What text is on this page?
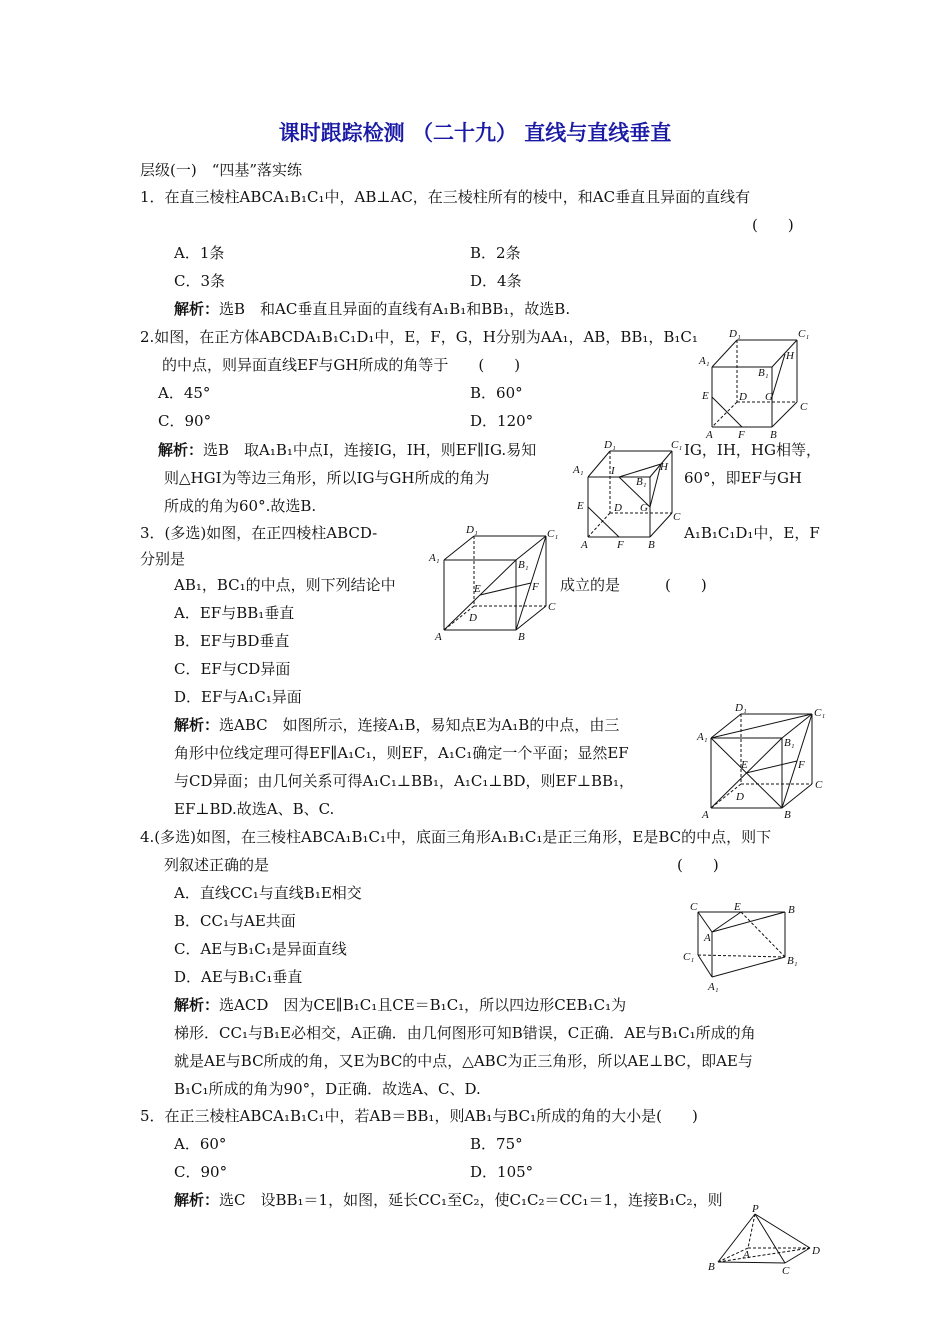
课时跟踪检测 （二十九） 直线与直线垂直
层级(一)　“四基”落实练
1．在直三棱柱ABCA₁B₁C₁中，AB⊥AC，在三棱柱所有的棱中，和AC垂直且异面的直线有
(　　)
A．1条	B．2条
C．3条	D．4条
解析：选B　和AC垂直且异面的直线有A₁B₁和BB₁，故选B.
2.如图，在正方体ABCDA₁B₁C₁D₁中，E，F，G，H分别为AA₁，AB，BB₁，B₁C₁
的中点，则异面直线EF与GH所成的角等于　　(　　)
A．45°	B．60°
C．90°	D．120°
解析：选B　取A₁B₁中点I，连接IG，IH，则EF∥IG.易知	IG，IH，HG相等，
则△HGI为等边三角形，所以IG与GH所成的角为	60°，即EF与GH
所成的角为60°.故选B.
3．(多选)如图，在正四棱柱ABCD-	A₁B₁C₁D₁中，E，F
分别是
AB₁，BC₁的中点，则下列结论中	成立的是　　　(　　)
A．EF与BB₁垂直
B．EF与BD垂直
C．EF与CD异面
D．EF与A₁C₁异面
解析：选ABC　如图所示，连接A₁B，易知点E为A₁B的中点，由三
角形中位线定理可得EF∥A₁C₁，则EF，A₁C₁确定一个平面；显然EF
与CD异面；由几何关系可得A₁C₁⊥BB₁，A₁C₁⊥BD，则EF⊥BB₁，
EF⊥BD.故选A、B、C.
4.(多选)如图，在三棱柱ABCA₁B₁C₁中，底面三角形A₁B₁C₁是正三角形，E是BC的中点，则下
列叙述正确的是	(　　)
A．直线CC₁与直线B₁E相交
B．CC₁与AE共面
C．AE与B₁C₁是异面直线
D．AE与B₁C₁垂直
解析：选ACD　因为CE∥B₁C₁且CE＝B₁C₁，所以四边形CEB₁C₁为
梯形．CC₁与B₁E必相交，A正确．由几何图形可知B错误，C正确．AE与B₁C₁所成的角
就是AE与BC所成的角，又E为BC的中点，△ABC为正三角形，所以AE⊥BC，即AE与
B₁C₁所成的角为90°，D正确．故选A、C、D.
5．在正三棱柱ABCA₁B₁C₁中，若AB＝BB₁，则AB₁与BC₁所成的角的大小是(　　)
A．60°	B．75°
C．90°	D．105°
解析：选C　设BB₁＝1，如图，延长CC₁至C₂，使C₁C₂＝CC₁＝1，连接B₁C₂，则
D₁	C₁
A₁	H
B₁
E	D G
C
A F B
D₁	C₁
A₁ I	H
B₁
E	D G
C
A	F B
D₁	C₁
A₁
B₁
E	F
D
C
A	B
D₁	C₁
A₁	B₁
E	F
C
D
A	B
C	E	B
A
C₁	B₁
A₁
P
D
A
B	C
